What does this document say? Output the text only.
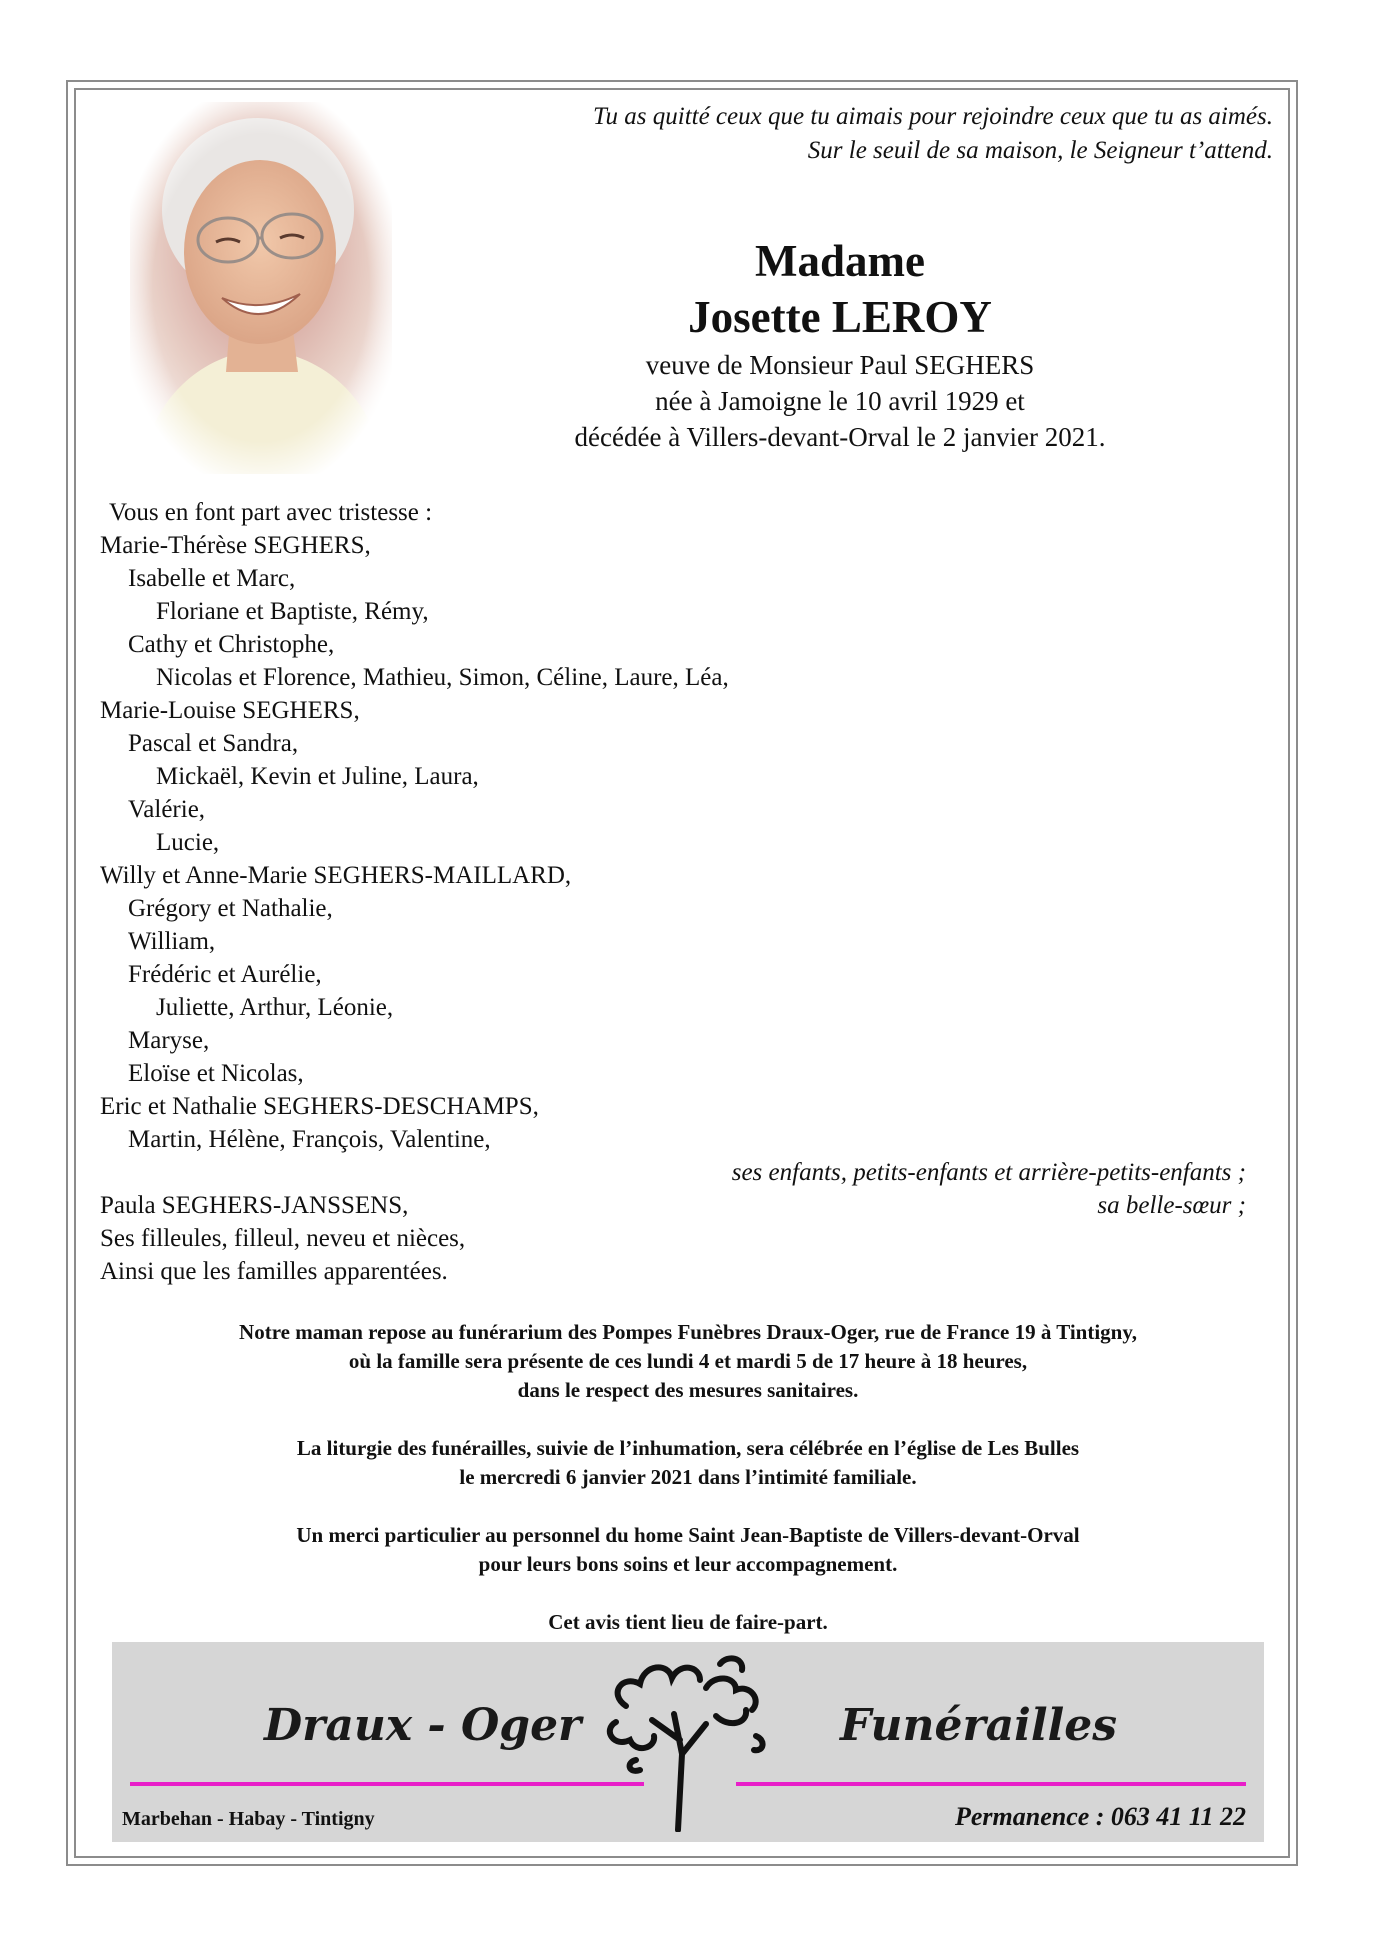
Tu as quitté ceux que tu aimais pour rejoindre ceux que tu as aimés.
Sur le seuil de sa maison, le Seigneur t’attend.
Madame
Josette LEROY
veuve de Monsieur Paul SEGHERS
née à Jamoigne le 10 avril 1929 et
décédée à Villers-devant-Orval le 2 janvier 2021.
Vous en font part avec tristesse :
Marie-Thérèse SEGHERS,
Isabelle et Marc,
Floriane et Baptiste, Rémy,
Cathy et Christophe,
Nicolas et Florence, Mathieu, Simon, Céline, Laure, Léa,
Marie-Louise SEGHERS,
Pascal et Sandra,
Mickaël, Kevin et Juline, Laura,
Valérie,
Lucie,
Willy et Anne-Marie SEGHERS-MAILLARD,
Grégory et Nathalie,
William,
Frédéric et Aurélie,
Juliette, Arthur, Léonie,
Maryse,
Eloïse et Nicolas,
Eric et Nathalie SEGHERS-DESCHAMPS,
Martin, Hélène, François, Valentine,
Paula SEGHERS-JANSSENS,
Ses filleules, filleul, neveu et nièces,
Ainsi que les familles apparentées.
ses enfants, petits-enfants et arrière-petits-enfants ;
sa belle-sœur ;

Notre maman repose au funérarium des Pompes Funèbres Draux-Oger, rue de France 19 à Tintigny,
où la famille sera présente de ces lundi 4 et mardi 5 de 17 heure à 18 heures,
dans le respect des mesures sanitaires.

La liturgie des funérailles, suivie de l’inhumation, sera célébrée en l’église de Les Bulles
le mercredi 6 janvier 2021 dans l’intimité familiale.

Un merci particulier au personnel du home Saint Jean-Baptiste de Villers-devant-Orval
pour leurs bons soins et leur accompagnement.

Cet avis tient lieu de faire-part.

Draux - Oger	Funérailles
Marbehan - Habay - Tintigny	Permanence : 063 41 11 22
